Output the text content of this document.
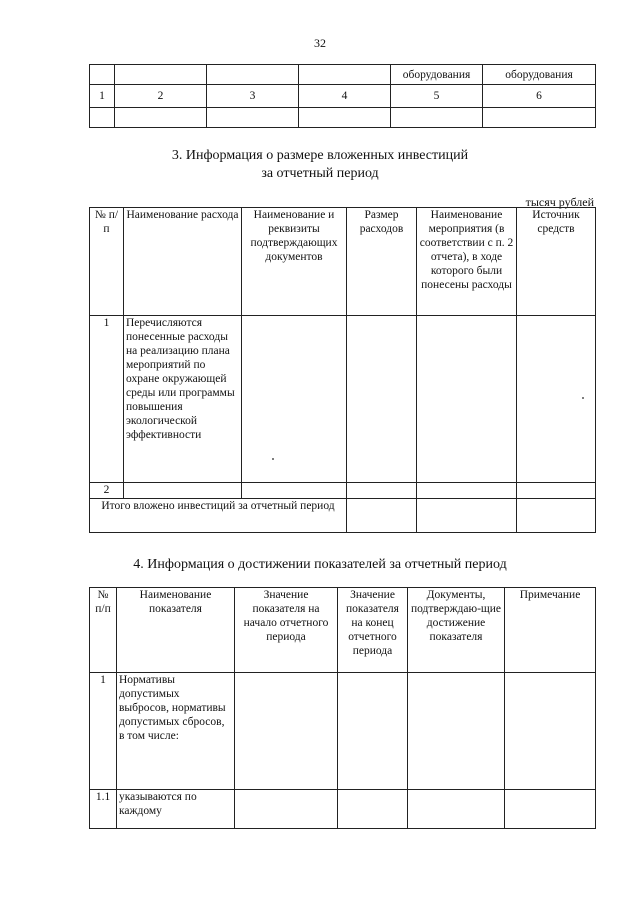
32
				оборудования	оборудования
1	2	3	4	5	6

3. Информация о размере вложенных инвестиций
за отчетный период
тысяч рублей
№ п/п	Наименование расхода	Наименование и реквизиты подтверждающих документов	Размер расходов	Наименование мероприятия (в соответствии с п. 2 отчета), в ходе которого были понесены расходы	Источник средств
1	Перечисляются понесенные расходы на реализацию плана мероприятий по охране окружающей среды или программы повышения экологической эффективности				
2					
Итого вложено инвестиций за отчетный период					
4. Информация о достижении показателей за отчетный период
№ п/п	Наименование показателя	Значение показателя на начало отчетного периода	Значение показателя на конец отчетного периода	Документы, подтверждаю-щие достижение показателя	Примечание
1	Нормативы допустимых выбросов, нормативы допустимых сбросов, в том числе:				
1.1	указываются по каждому				
